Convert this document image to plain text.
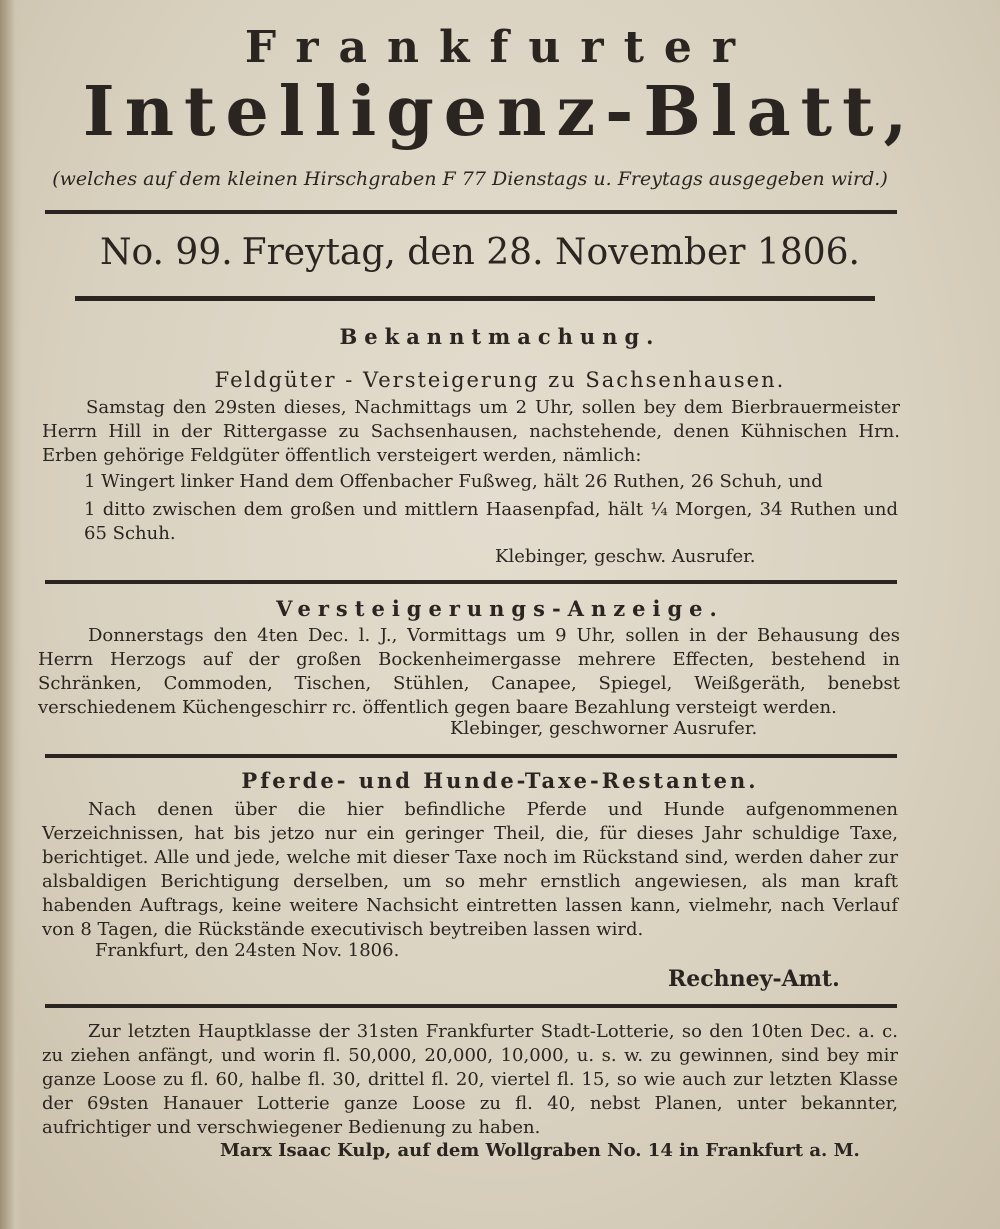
Frankfurter
Intelligenz-Blatt,
(welches auf dem kleinen Hirschgraben F 77 Dienstags u. Freytags ausgegeben wird.)
No. 99. Freytag, den 28. November 1806.
Bekanntmachung.
Feldgüter - Versteigerung zu Sachsenhausen.

Samstag den 29sten dieses, Nachmittags um 2 Uhr, sollen bey dem Bierbrauermeister Herrn Hill in der Rittergasse zu Sachsenhausen, nachstehende, denen Kühnischen Hrn. Erben gehörige Feldgüter öffentlich versteigert werden, nämlich:

1 Wingert linker Hand dem Offenbacher Fußweg, hält 26 Ruthen, 26 Schuh, und

1 ditto zwischen dem großen und mittlern Haasenpfad, hält ¼ Morgen, 34 Ruthen und 65 Schuh.

Klebinger, geschw. Ausrufer.
Versteigerungs-Anzeige.

Donnerstags den 4ten Dec. l. J., Vormittags um 9 Uhr, sollen in der Behausung des Herrn Herzogs auf der großen Bockenheimergasse mehrere Effecten, bestehend in Schränken, Commoden, Tischen, Stühlen, Canapee, Spiegel, Weißgeräth, benebst verschiedenem Küchengeschirr rc. öffentlich gegen baare Bezahlung versteigt werden.

Klebinger, geschworner Ausrufer.
Pferde- und Hunde-Taxe-Restanten.

Nach denen über die hier befindliche Pferde und Hunde aufgenommenen Verzeichnissen, hat bis jetzo nur ein geringer Theil, die, für dieses Jahr schuldige Taxe, berichtiget. Alle und jede, welche mit dieser Taxe noch im Rückstand sind, werden daher zur alsbaldigen Berichtigung derselben, um so mehr ernstlich angewiesen, als man kraft habenden Auftrags, keine weitere Nachsicht eintretten lassen kann, vielmehr, nach Verlauf von 8 Tagen, die Rückstände executivisch beytreiben lassen wird.

Frankfurt, den 24sten Nov. 1806.
Rechney-Amt.

Zur letzten Hauptklasse der 31sten Frankfurter Stadt-Lotterie, so den 10ten Dec. a. c. zu ziehen anfängt, und worin fl. 50,000, 20,000, 10,000, u. s. w. zu gewinnen, sind bey mir ganze Loose zu fl. 60, halbe fl. 30, drittel fl. 20, viertel fl. 15, so wie auch zur letzten Klasse der 69sten Hanauer Lotterie ganze Loose zu fl. 40, nebst Planen, unter bekannter, aufrichtiger und verschwiegener Bedienung zu haben.

Marx Isaac Kulp, auf dem Wollgraben No. 14 in Frankfurt a. M.
